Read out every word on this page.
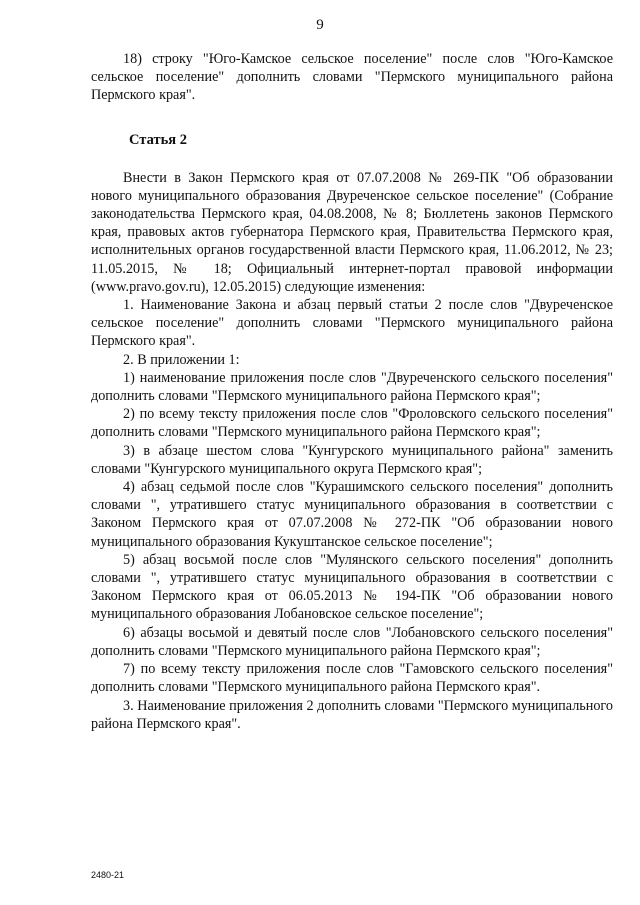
9

18) строку "Юго-Камское сельское поселение" после слов "Юго-Камское сельское поселение" дополнить словами "Пермского муниципального района Пермского края".

Статья 2

Внести в Закон Пермского края от 07.07.2008 № 269-ПК "Об образовании нового муниципального образования Двуреченское сельское поселение" (Собрание законодательства Пермского края, 04.08.2008, № 8; Бюллетень законов Пермского края, правовых актов губернатора Пермского края, Правительства Пермского края, исполнительных органов государственной власти Пермского края, 11.06.2012, № 23; 11.05.2015, № 18; Официальный интернет-портал правовой информации (www.pravo.gov.ru), 12.05.2015) следующие изменения:

1. Наименование Закона и абзац первый статьи 2 после слов "Двуреченское сельское поселение" дополнить словами "Пермского муниципального района Пермского края".

2. В приложении 1:

1) наименование приложения после слов "Двуреченского сельского поселения" дополнить словами "Пермского муниципального района Пермского края";

2) по всему тексту приложения после слов "Фроловского сельского поселения" дополнить словами "Пермского муниципального района Пермского края";

3) в абзаце шестом слова "Кунгурского муниципального района" заменить словами "Кунгурского муниципального округа Пермского края";

4) абзац седьмой после слов "Курашимского сельского поселения" дополнить словами ", утратившего статус муниципального образования в соответствии с Законом Пермского края от 07.07.2008 № 272-ПК "Об образовании нового муниципального образования Кукуштанское сельское поселение";

5) абзац восьмой после слов "Мулянского сельского поселения" дополнить словами ", утратившего статус муниципального образования в соответствии с Законом Пермского края от 06.05.2013 № 194-ПК "Об образовании нового муниципального образования Лобановское сельское поселение";

6) абзацы восьмой и девятый после слов "Лобановского сельского поселения" дополнить словами "Пермского муниципального района Пермского края";

7) по всему тексту приложения после слов "Гамовского сельского поселения" дополнить словами "Пермского муниципального района Пермского края".

3. Наименование приложения 2 дополнить словами "Пермского муниципального района Пермского края".

2480-21
